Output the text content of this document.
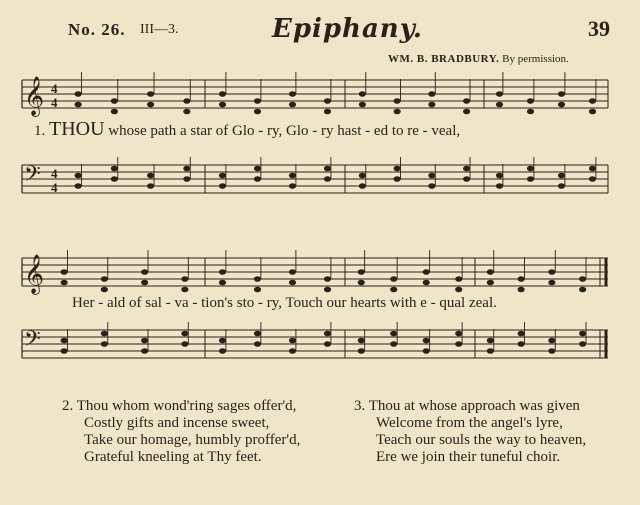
No. 26. III—3.	Epiphany.	39
WM. B. BRADBURY. By permission.
𝄞 4
4
𝄢 4
4
𝄞
𝄢
1. THOU whose path a star of Glo - ry, Glo - ry hast - ed to re - veal,
Her - ald of sal - va - tion's sto - ry, Touch our hearts with e - qual zeal.
2. Thou whom wond'ring sages offer'd,
Costly gifts and incense sweet,
Take our homage, humbly proffer'd,
Grateful kneeling at Thy feet.
3. Thou at whose approach was given
Welcome from the angel's lyre,
Teach our souls the way to heaven,
Ere we join their tuneful choir.
